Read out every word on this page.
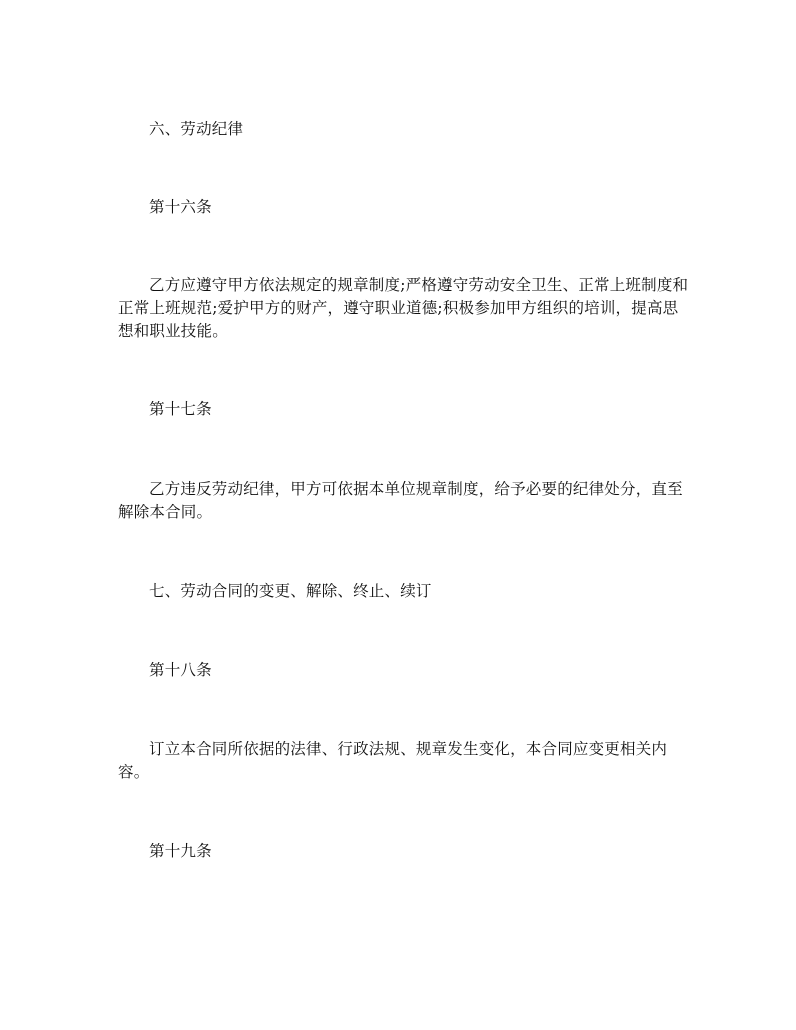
六、劳动纪律

第十六条

乙方应遵守甲方依法规定的规章制度;严格遵守劳动安全卫生、正常上班制度和正常上班规范;爱护甲方的财产，遵守职业道德;积极参加甲方组织的培训，提高思想和职业技能。

第十七条

乙方违反劳动纪律，甲方可依据本单位规章制度，给予必要的纪律处分，直至解除本合同。

七、劳动合同的变更、解除、终止、续订

第十八条

订立本合同所依据的法律、行政法规、规章发生变化，本合同应变更相关内容。

第十九条
